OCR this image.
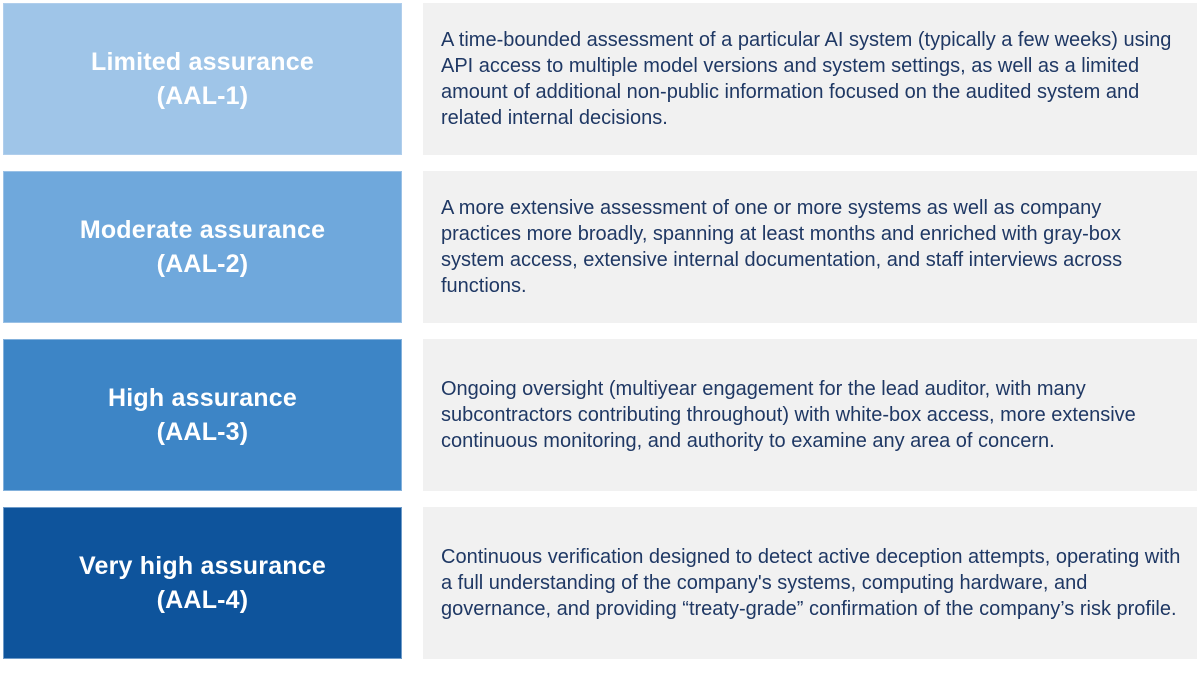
Limited assurance
(AAL-1)

A time-bounded assessment of a particular AI system (typically a few weeks) using API access to multiple model versions and system settings, as well as a limited amount of additional non-public information focused on the audited system and related internal decisions.

Moderate assurance
(AAL-2)

A more extensive assessment of one or more systems as well as company practices more broadly, spanning at least months and enriched with gray-box system access, extensive internal documentation, and staff interviews across functions.

High assurance
(AAL-3)

Ongoing oversight (multiyear engagement for the lead auditor, with many subcontractors contributing throughout) with white-box access, more extensive continuous monitoring, and authority to examine any area of concern.

Very high assurance
(AAL-4)

Continuous verification designed to detect active deception attempts, operating with a full understanding of the company's systems, computing hardware, and governance, and providing “treaty-grade” confirmation of the company’s risk profile.
